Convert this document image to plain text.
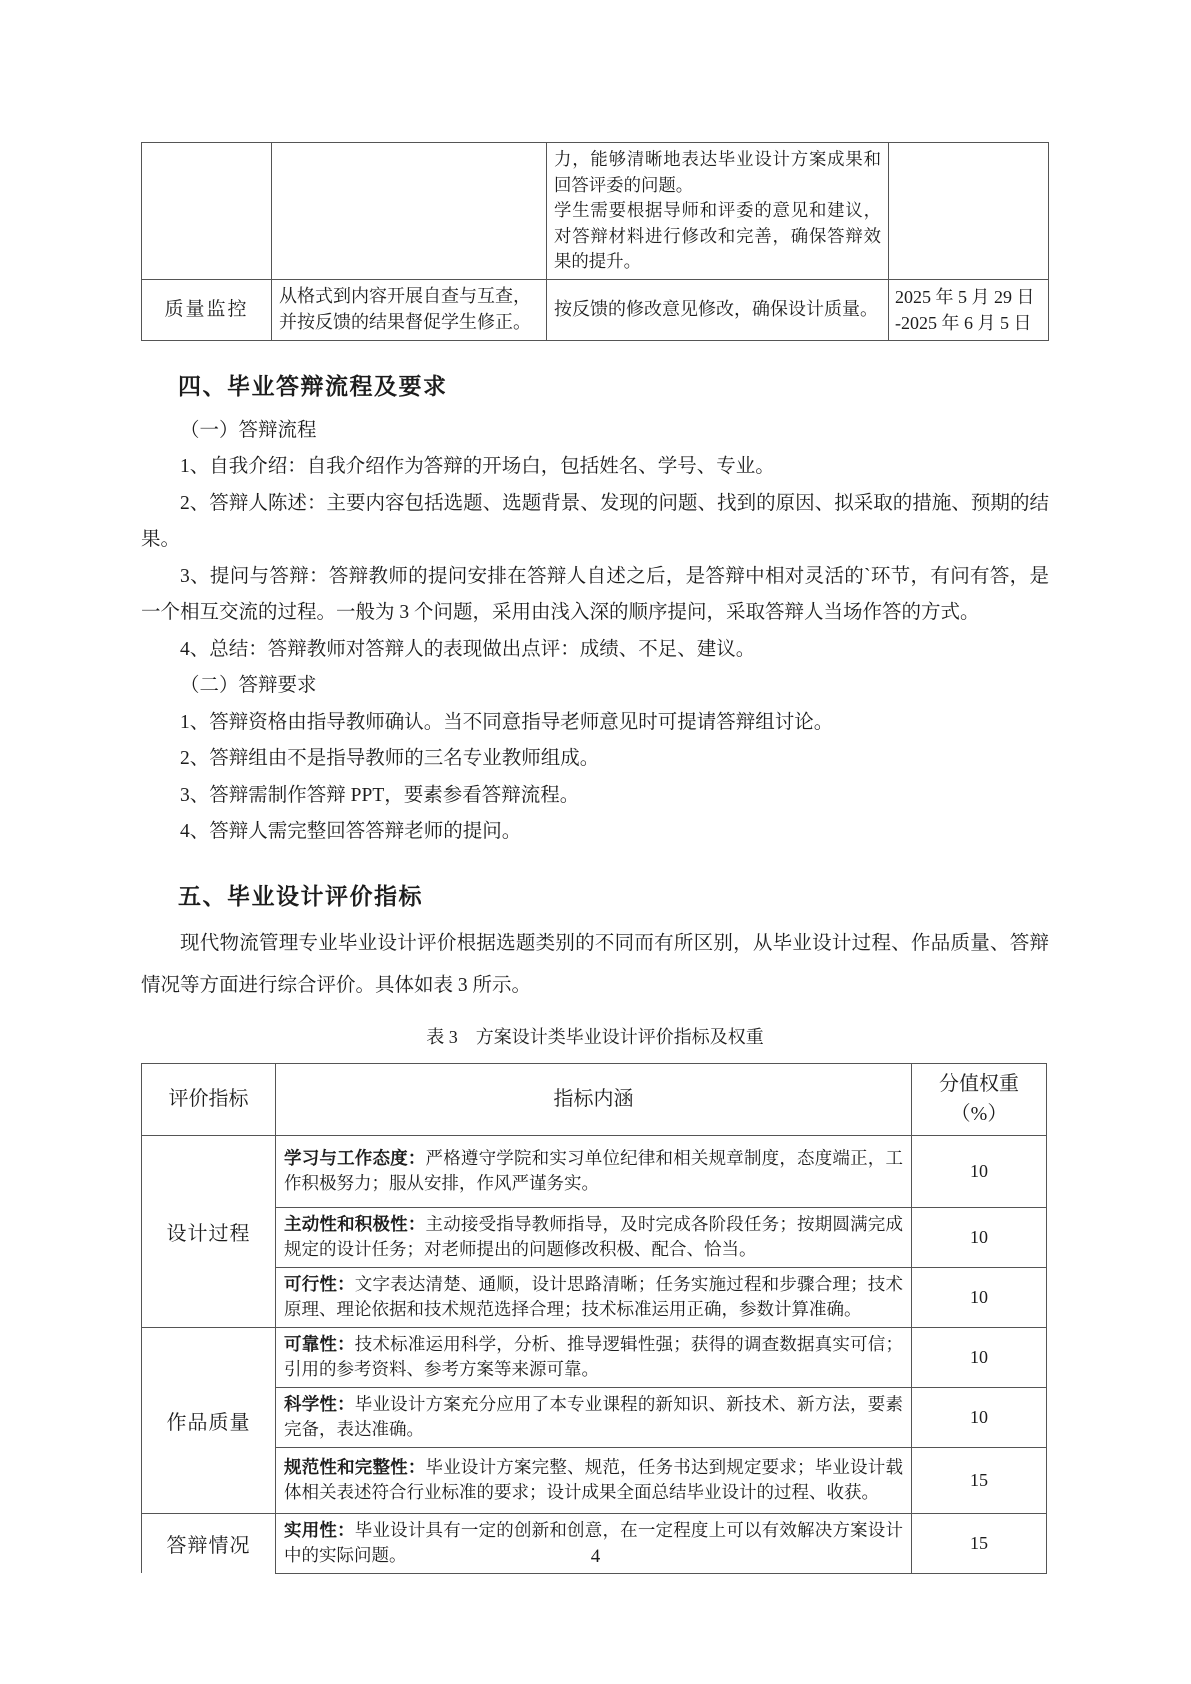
		力，能够清晰地表达毕业设计方案成果和回答评委的问题。
学生需要根据导师和评委的意见和建议，对答辩材料进行修改和完善，确保答辩效果的提升。	

质量监控	从格式到内容开展自查与互查，并按反馈的结果督促学生修正。	按反馈的修改意见修改，确保设计质量。	2025 年 5 月 29 日
-2025 年 6 月 5 日
四、毕业答辩流程及要求

（一）答辩流程

1、自我介绍：自我介绍作为答辩的开场白，包括姓名、学号、专业。

2、答辩人陈述：主要内容包括选题、选题背景、发现的问题、找到的原因、拟采取的措施、预期的结果。

3、提问与答辩：答辩教师的提问安排在答辩人自述之后，是答辩中相对灵活的`环节，有问有答，是一个相互交流的过程。一般为 3 个问题，采用由浅入深的顺序提问，采取答辩人当场作答的方式。

4、总结：答辩教师对答辩人的表现做出点评：成绩、不足、建议。

（二）答辩要求

1、答辩资格由指导教师确认。当不同意指导老师意见时可提请答辩组讨论。

2、答辩组由不是指导教师的三名专业教师组成。

3、答辩需制作答辩 PPT，要素参看答辩流程。

4、答辩人需完整回答答辩老师的提问。

五、毕业设计评价指标

现代物流管理专业毕业设计评价根据选题类别的不同而有所区别，从毕业设计过程、作品质量、答辩情况等方面进行综合评价。具体如表 3 所示。

表 3　方案设计类毕业设计评价指标及权重
评价指标	指标内涵	分值权重
（%）

设计过程	学习与工作态度：严格遵守学院和实习单位纪律和相关规章制度，态度端正，工作积极努力；服从安排，作风严谨务实。	10
	主动性和积极性：主动接受指导教师指导，及时完成各阶段任务；按期圆满完成规定的设计任务；对老师提出的问题修改积极、配合、恰当。	10
	可行性：文字表达清楚、通顺，设计思路清晰；任务实施过程和步骤合理；技术原理、理论依据和技术规范选择合理；技术标准运用正确，参数计算准确。	10
作品质量	可靠性：技术标准运用科学，分析、推导逻辑性强；获得的调查数据真实可信；引用的参考资料、参考方案等来源可靠。	10
	科学性：毕业设计方案充分应用了本专业课程的新知识、新技术、新方法，要素完备，表达准确。	10
	规范性和完整性：毕业设计方案完整、规范，任务书达到规定要求；毕业设计载体相关表述符合行业标准的要求；设计成果全面总结毕业设计的过程、收获。	15
答辩情况	实用性：毕业设计具有一定的创新和创意，在一定程度上可以有效解决方案设计中的实际问题。	15
4
